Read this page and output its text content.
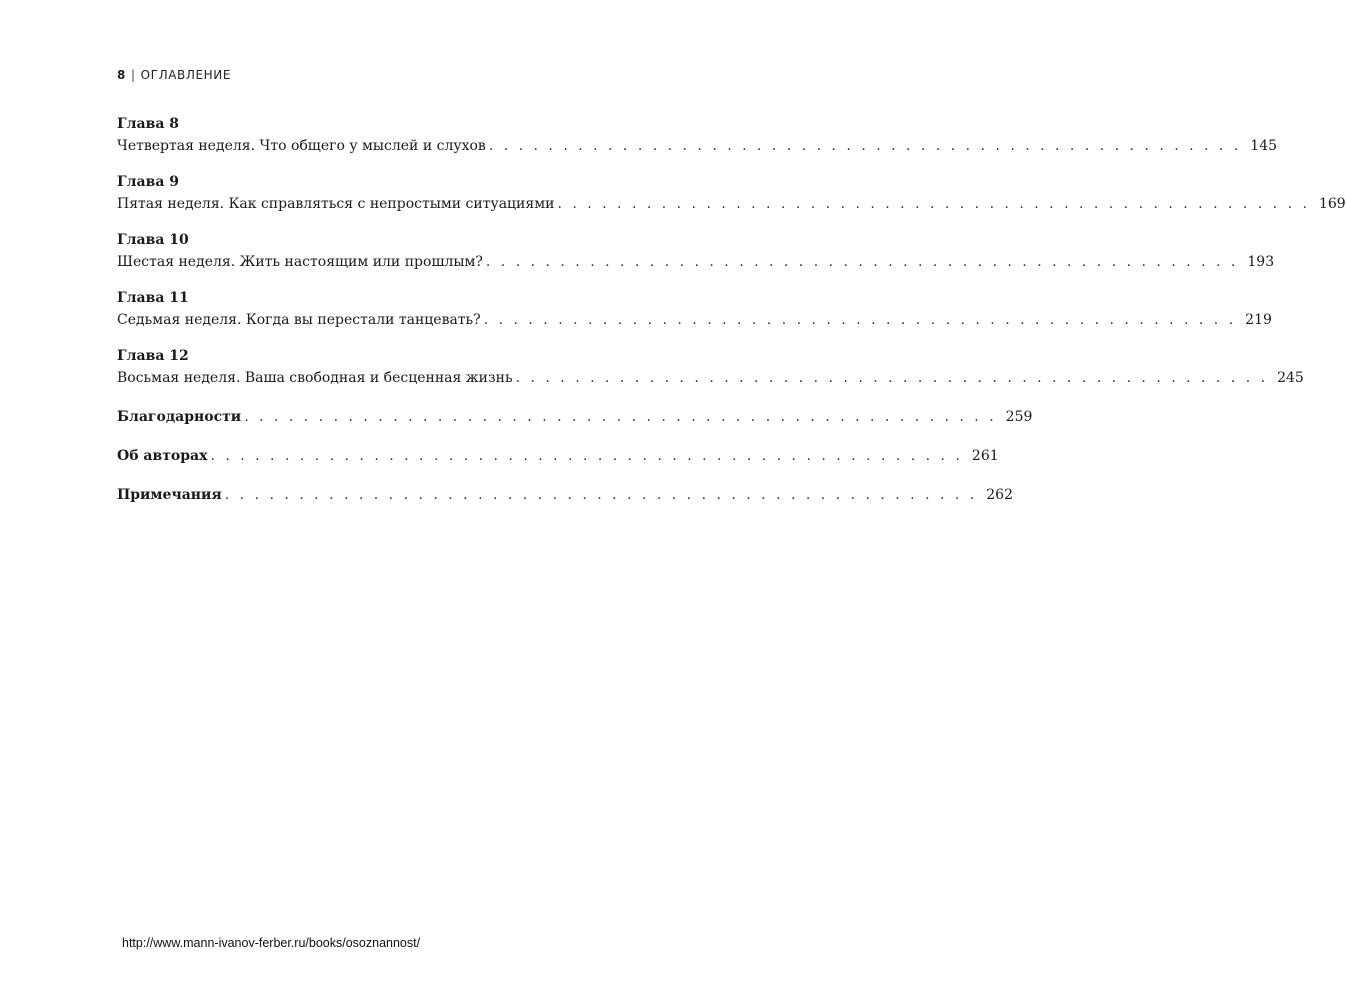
8 | ОГЛАВЛЕНИЕ
Глава 8
Четвертая неделя. Что общего у мыслей и слухов . . . . . . . . . . . . . . . . . . . . . . . . . . . . . . . . . . . . . . . . . . . . . . . . . . . 145
Глава 9
Пятая неделя. Как справляться с непростыми ситуациями . . . . . . . . . . . . . . . . . . . . . . . . . . . . . . . . . . . . . . . . . . . . . . . . . . . 169
Глава 10
Шестая неделя. Жить настоящим или прошлым? . . . . . . . . . . . . . . . . . . . . . . . . . . . . . . . . . . . . . . . . . . . . . . . . . . . 193
Глава 11
Седьмая неделя. Когда вы перестали танцевать? . . . . . . . . . . . . . . . . . . . . . . . . . . . . . . . . . . . . . . . . . . . . . . . . . . . 219
Глава 12
Восьмая неделя. Ваша свободная и бесценная жизнь . . . . . . . . . . . . . . . . . . . . . . . . . . . . . . . . . . . . . . . . . . . . . . . . . . . 245
Благодарности . . . . . . . . . . . . . . . . . . . . . . . . . . . . . . . . . . . . . . . . . . . . . . . . . . . 259
Об авторах . . . . . . . . . . . . . . . . . . . . . . . . . . . . . . . . . . . . . . . . . . . . . . . . . . . 261
Примечания . . . . . . . . . . . . . . . . . . . . . . . . . . . . . . . . . . . . . . . . . . . . . . . . . . . 262
http://www.mann-ivanov-ferber.ru/books/osoznannost/
